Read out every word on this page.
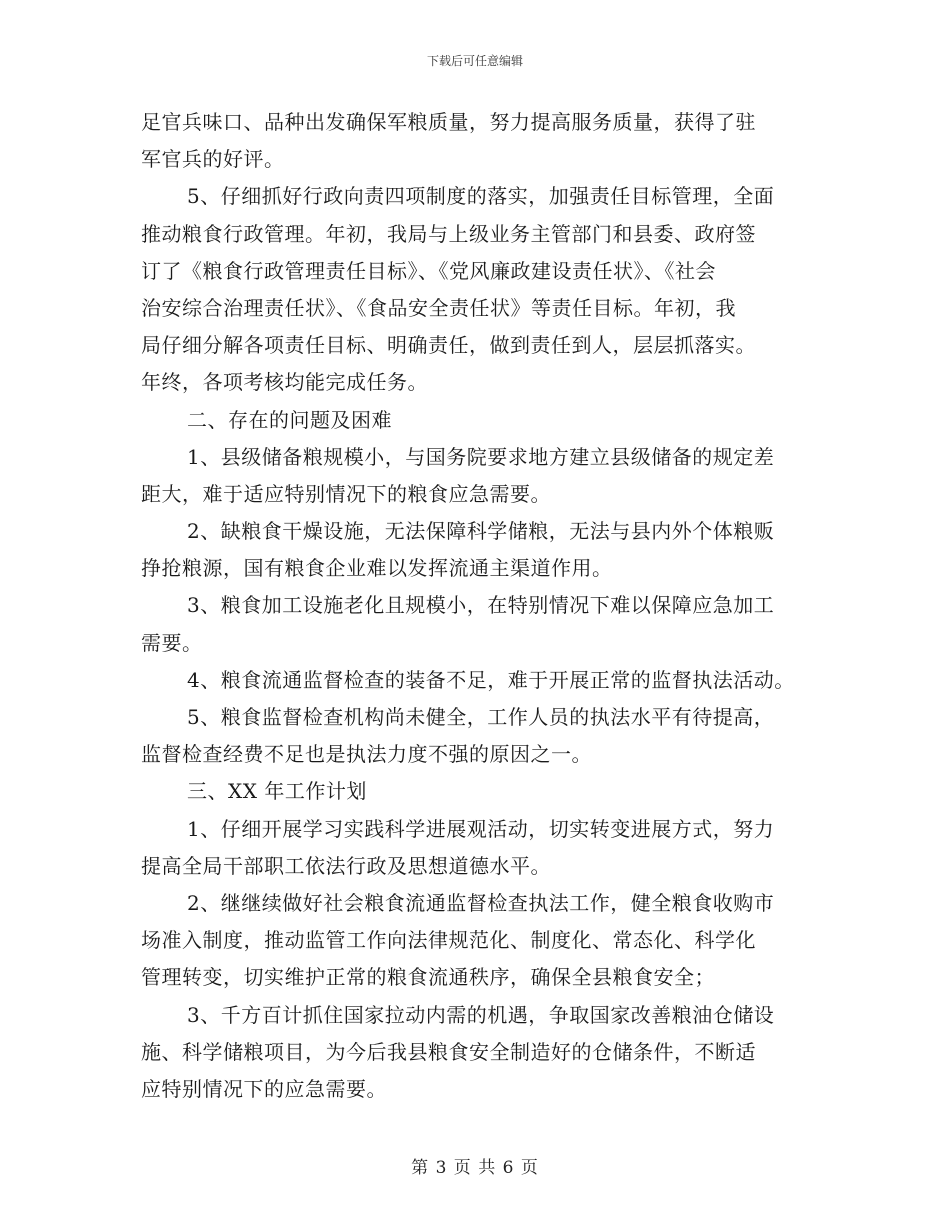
下载后可任意编辑
足官兵味口、品种出发确保军粮质量，努力提高服务质量，获得了驻
军官兵的好评。
5、仔细抓好行政向责四项制度的落实，加强责任目标管理，全面
推动粮食行政管理。年初，我局与上级业务主管部门和县委、政府签
订了《粮食行政管理责任目标》、《党风廉政建设责任状》、《社会
治安综合治理责任状》、《食品安全责任状》等责任目标。年初，我
局仔细分解各项责任目标、明确责任，做到责任到人，层层抓落实。
年终，各项考核均能完成任务。
二、存在的问题及困难
1、县级储备粮规模小，与国务院要求地方建立县级储备的规定差
距大，难于适应特别情况下的粮食应急需要。
2、缺粮食干燥设施，无法保障科学储粮，无法与县内外个体粮贩
挣抢粮源，国有粮食企业难以发挥流通主渠道作用。
3、粮食加工设施老化且规模小，在特别情况下难以保障应急加工
需要。
4、粮食流通监督检查的装备不足，难于开展正常的监督执法活动。
5、粮食监督检查机构尚未健全，工作人员的执法水平有待提高，
监督检查经费不足也是执法力度不强的原因之一。
三、XX 年工作计划
1、仔细开展学习实践科学进展观活动，切实转变进展方式，努力
提高全局干部职工依法行政及思想道德水平。
2、继继续做好社会粮食流通监督检查执法工作，健全粮食收购市
场准入制度，推动监管工作向法律规范化、制度化、常态化、科学化
管理转变，切实维护正常的粮食流通秩序，确保全县粮食安全；
3、千方百计抓住国家拉动内需的机遇，争取国家改善粮油仓储设
施、科学储粮项目，为今后我县粮食安全制造好的仓储条件，不断适
应特别情况下的应急需要。
第 3 页 共 6 页
